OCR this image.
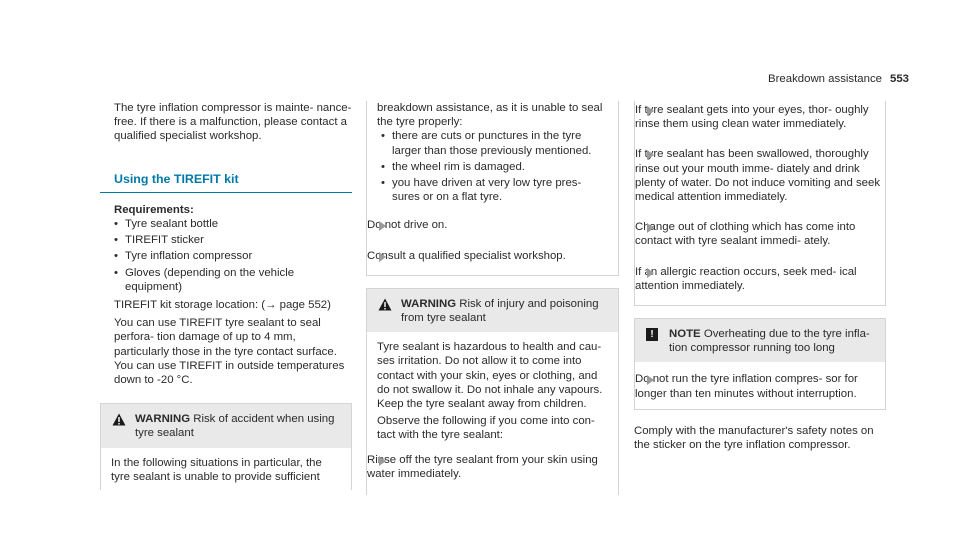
Breakdown assistance 553

The tyre inflation compressor is mainte- nance-free. If there is a malfunction, please contact a qualified specialist workshop.

Using the TIREFIT kit
Requirements:
• Tyre sealant bottle
• TIREFIT sticker
• Tyre inflation compressor
• Gloves (depending on the vehicle equipment)

TIREFIT kit storage location: (→ page 552)

You can use TIREFIT tyre sealant to seal perfora- tion damage of up to 4 mm, particularly those in the tyre contact surface. You can use TIREFIT in outside temperatures down to -20 °C.

WARNING Risk of accident when using tyre sealant
In the following situations in particular, the tyre sealant is unable to provide sufficient

breakdown assistance, as it is unable to seal the tyre properly:

• there are cuts or punctures in the tyre larger than those previously mentioned.
• the wheel rim is damaged.
• you have driven at very low tyre pres- sures or on a flat tyre.
Do not drive on.
Consult a qualified specialist workshop.
WARNING Risk of injury and poisoning from tyre sealant

Tyre sealant is hazardous to health and cau- ses irritation. Do not allow it to come into contact with your skin, eyes or clothing, and do not swallow it. Do not inhale any vapours. Keep the tyre sealant away from children.

Observe the following if you come into con- tact with the tyre sealant:

Rinse off the tyre sealant from your skin using water immediately.
If tyre sealant gets into your eyes, thor- oughly rinse them using clean water immediately.
If tyre sealant has been swallowed, thoroughly rinse out your mouth imme- diately and drink plenty of water. Do not induce vomiting and seek medical attention immediately.
Change out of clothing which has come into contact with tyre sealant immedi- ately.
If an allergic reaction occurs, seek med- ical attention immediately.
!	NOTE Overheating due to the tyre infla- tion compressor running too long
Do not run the tyre inflation compres- sor for longer than ten minutes without interruption.

Comply with the manufacturer's safety notes on the sticker on the tyre inflation compressor.
